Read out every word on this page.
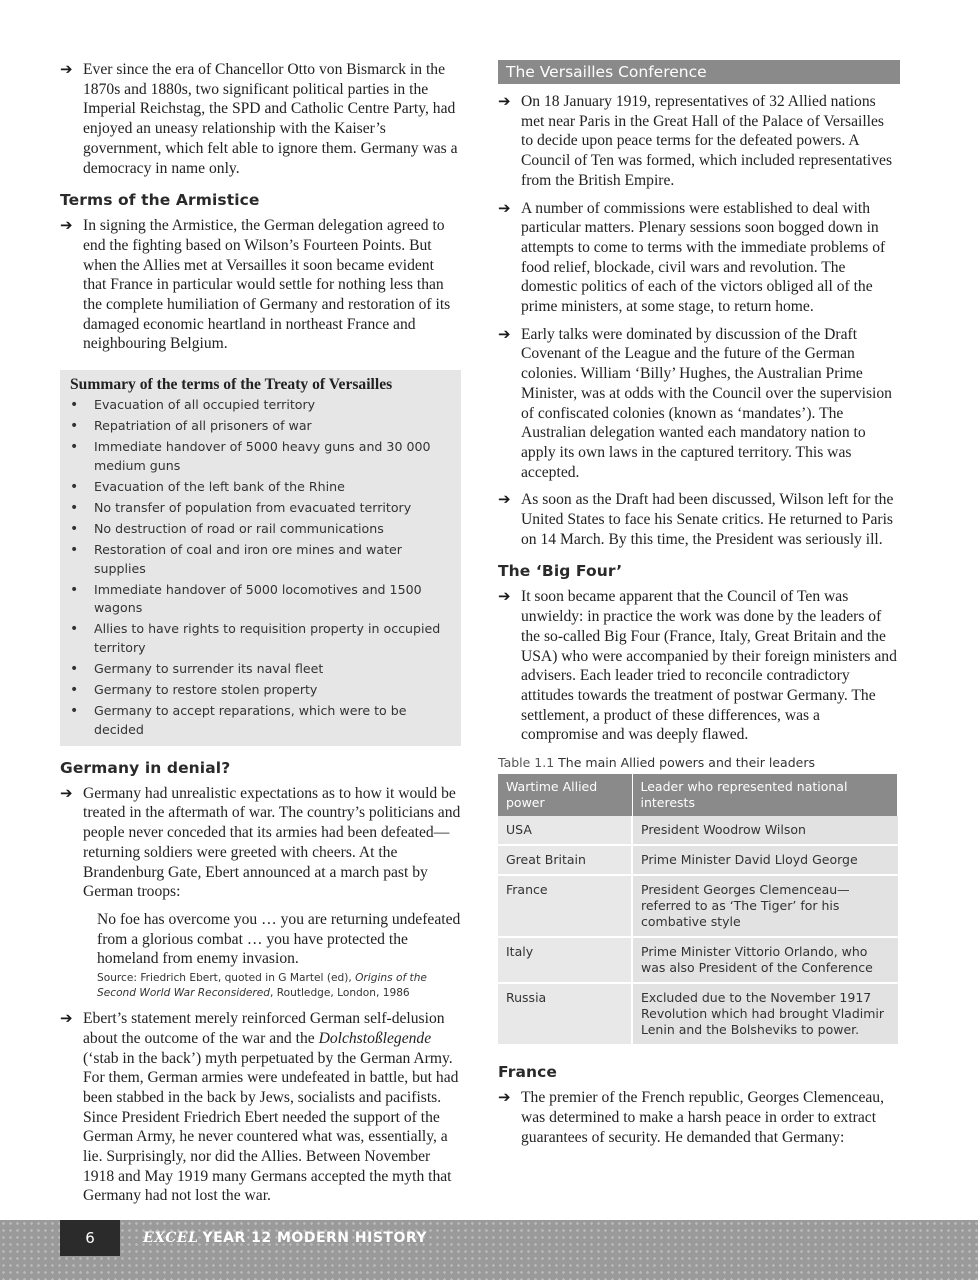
➔ Ever since the era of Chancellor Otto von Bismarck in the 1870s and 1880s, two significant political parties in the Imperial Reichstag, the SPD and Catholic Centre Party, had enjoyed an uneasy relationship with the Kaiser’s government, which felt able to ignore them. Germany was a democracy in name only.
Terms of the Armistice
➔ In signing the Armistice, the German delegation agreed to end the fighting based on Wilson’s Fourteen Points. But when the Allies met at Versailles it soon became evident that France in particular would settle for nothing less than the complete humiliation of Germany and restoration of its damaged economic heartland in northeast France and neighbouring Belgium.
Summary of the terms of the Treaty of Versailles
• Evacuation of all occupied territory
• Repatriation of all prisoners of war
• Immediate handover of 5000 heavy guns and 30 000 medium guns
• Evacuation of the left bank of the Rhine
• No transfer of population from evacuated territory
• No destruction of road or rail communications
• Restoration of coal and iron ore mines and water supplies
• Immediate handover of 5000 locomotives and 1500 wagons
• Allies to have rights to requisition property in occupied territory
• Germany to surrender its naval fleet
• Germany to restore stolen property
• Germany to accept reparations, which were to be decided
Germany in denial?
➔ Germany had unrealistic expectations as to how it would be treated in the aftermath of war. The country’s politicians and people never conceded that its armies had been defeated—returning soldiers were greeted with cheers. At the Brandenburg Gate, Ebert announced at a march past by German troops:
No foe has overcome you … you are returning undefeated from a glorious combat … you have protected the homeland from enemy invasion.
Source: Friedrich Ebert, quoted in G Martel (ed), Origins of the Second World War Reconsidered, Routledge, London, 1986
➔ Ebert’s statement merely reinforced German self-delusion about the outcome of the war and the Dolchstoßlegende (‘stab in the back’) myth perpetuated by the German Army. For them, German armies were undefeated in battle, but had been stabbed in the back by Jews, socialists and pacifists. Since President Friedrich Ebert needed the support of the German Army, he never countered what was, essentially, a lie. Surprisingly, nor did the Allies. Between November 1918 and May 1919 many Germans accepted the myth that Germany had not lost the war.
The Versailles Conference
➔ On 18 January 1919, representatives of 32 Allied nations met near Paris in the Great Hall of the Palace of Versailles to decide upon peace terms for the defeated powers. A Council of Ten was formed, which included representatives from the British Empire.
➔ A number of commissions were established to deal with particular matters. Plenary sessions soon bogged down in attempts to come to terms with the immediate problems of food relief, blockade, civil wars and revolution. The domestic politics of each of the victors obliged all of the prime ministers, at some stage, to return home.
➔ Early talks were dominated by discussion of the Draft Covenant of the League and the future of the German colonies. William ‘Billy’ Hughes, the Australian Prime Minister, was at odds with the Council over the supervision of confiscated colonies (known as ‘mandates’). The Australian delegation wanted each mandatory nation to apply its own laws in the captured territory. This was accepted.
➔ As soon as the Draft had been discussed, Wilson left for the United States to face his Senate critics. He returned to Paris on 14 March. By this time, the President was seriously ill.
The ‘Big Four’
➔ It soon became apparent that the Council of Ten was unwieldy: in practice the work was done by the leaders of the so-called Big Four (France, Italy, Great Britain and the USA) who were accompanied by their foreign ministers and advisers. Each leader tried to reconcile contradictory attitudes towards the treatment of postwar Germany. The settlement, a product of these differences, was a compromise and was deeply flawed.
Table 1.1 The main Allied powers and their leaders
Wartime Allied power	Leader who represented national interests
USA	President Woodrow Wilson
Great Britain	Prime Minister David Lloyd George
France	President Georges Clemenceau—referred to as ‘The Tiger’ for his combative style
Italy	Prime Minister Vittorio Orlando, who was also President of the Conference
Russia	Excluded due to the November 1917 Revolution which had brought Vladimir Lenin and the Bolsheviks to power.
France
➔ The premier of the French republic, Georges Clemenceau, was determined to make a harsh peace in order to extract guarantees of security. He demanded that Germany:
6	EXCEL YEAR 12 MODERN HISTORY
